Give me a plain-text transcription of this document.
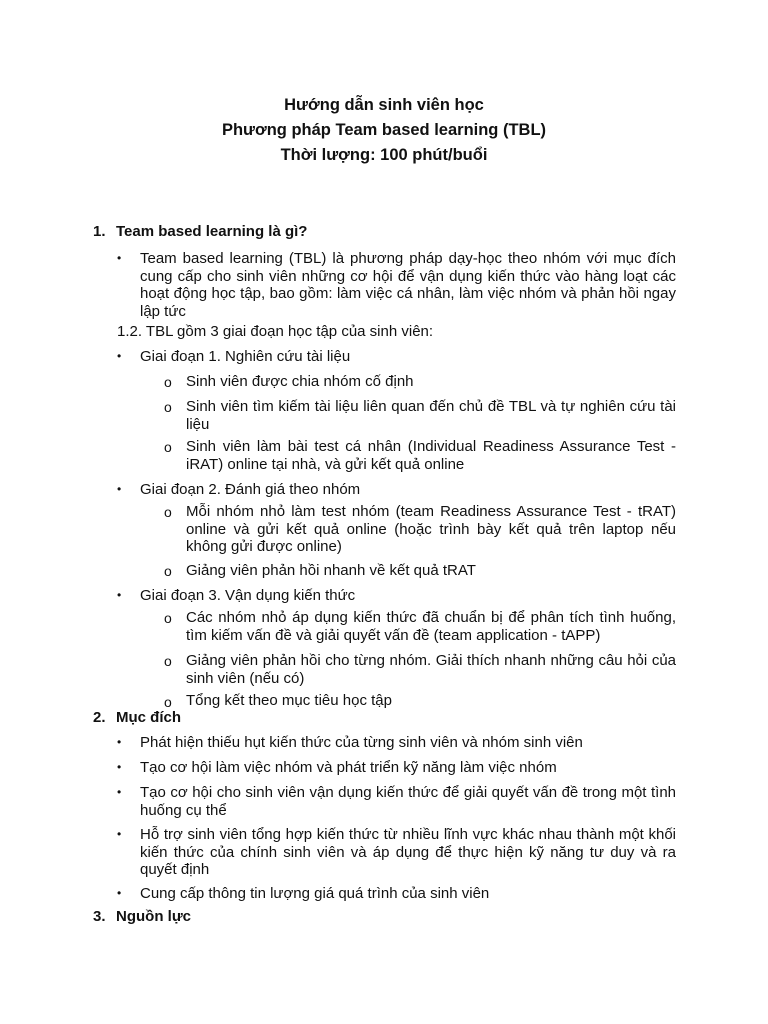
Hướng dẫn sinh viên học
Phương pháp Team based learning (TBL)
Thời lượng: 100 phút/buổi
1. Team based learning là gì?
• Team based learning (TBL) là phương pháp dạy-học theo nhóm với mục đích cung cấp cho sinh viên những cơ hội để vận dụng kiến thức vào hàng loạt các hoạt động học tập, bao gồm: làm việc cá nhân, làm việc nhóm và phản hồi ngay lập tức
1.2. TBL gồm 3 giai đoạn học tập của sinh viên:
• Giai đoạn 1. Nghiên cứu tài liệu
o Sinh viên được chia nhóm cố định
o Sinh viên tìm kiếm tài liệu liên quan đến chủ đề TBL và tự nghiên cứu tài liệu
o Sinh viên làm bài test cá nhân (Individual Readiness Assurance Test - iRAT) online tại nhà, và gửi kết quả online
• Giai đoạn 2. Đánh giá theo nhóm
o Mỗi nhóm nhỏ làm test nhóm (team Readiness Assurance Test - tRAT) online và gửi kết quả online (hoặc trình bày kết quả trên laptop nếu không gửi được online)
o Giảng viên phản hồi nhanh về kết quả tRAT
• Giai đoạn 3. Vận dụng kiến thức
o Các nhóm nhỏ áp dụng kiến thức đã chuẩn bị để phân tích tình huống, tìm kiếm vấn đề và giải quyết vấn đề (team application - tAPP)
o Giảng viên phản hồi cho từng nhóm. Giải thích nhanh những câu hỏi của sinh viên (nếu có)
o Tổng kết theo mục tiêu học tập
2. Mục đích
• Phát hiện thiếu hụt kiến thức của từng sinh viên và nhóm sinh viên
• Tạo cơ hội làm việc nhóm và phát triển kỹ năng làm việc nhóm
• Tạo cơ hội cho sinh viên vận dụng kiến thức để giải quyết vấn đề trong một tình huống cụ thể
• Hỗ trợ sinh viên tổng hợp kiến thức từ nhiều lĩnh vực khác nhau thành một khối kiến thức của chính sinh viên và áp dụng để thực hiện kỹ năng tư duy và ra quyết định
• Cung cấp thông tin lượng giá quá trình của sinh viên
3. Nguồn lực
